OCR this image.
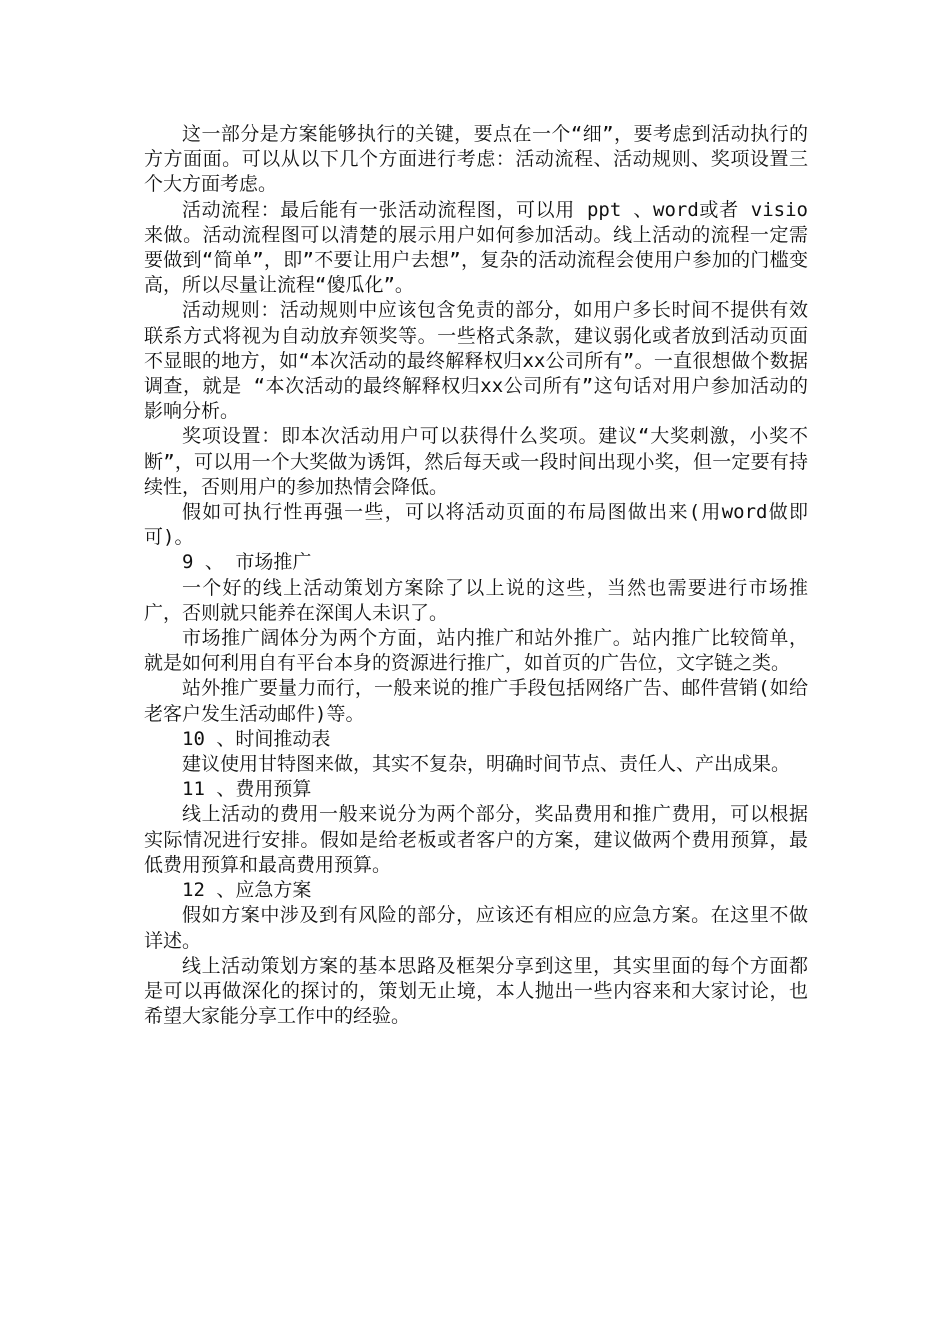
这一部分是方案能够执行的关键，要点在一个“细”，要考虑到活动执行的方方面面。可以从以下几个方面进行考虑：活动流程、活动规则、奖项设置三个大方面考虑。

活动流程：最后能有一张活动流程图，可以用 ppt 、word或者 visio 来做。活动流程图可以清楚的展示用户如何参加活动。线上活动的流程一定需要做到“简单”，即”不要让用户去想”，复杂的活动流程会使用户参加的门槛变高，所以尽量让流程“傻瓜化”。

活动规则：活动规则中应该包含免责的部分，如用户多长时间不提供有效联系方式将视为自动放弃领奖等。一些格式条款，建议弱化或者放到活动页面不显眼的地方，如“本次活动的最终解释权归xx公司所有”。一直很想做个数据调查，就是 “本次活动的最终解释权归xx公司所有”这句话对用户参加活动的影响分析。

奖项设置：即本次活动用户可以获得什么奖项。建议“大奖刺激，小奖不断”，可以用一个大奖做为诱饵，然后每天或一段时间出现小奖，但一定要有持续性，否则用户的参加热情会降低。

假如可执行性再强一些，可以将活动页面的布局图做出来(用word做即可)。

9 、 市场推广

一个好的线上活动策划方案除了以上说的这些，当然也需要进行市场推广，否则就只能养在深闺人未识了。

市场推广阔体分为两个方面，站内推广和站外推广。站内推广比较简单，就是如何利用自有平台本身的资源进行推广，如首页的广告位，文字链之类。

站外推广要量力而行，一般来说的推广手段包括网络广告、邮件营销(如给老客户发生活动邮件)等。

10 、时间推动表

建议使用甘特图来做，其实不复杂，明确时间节点、责任人、产出成果。

11 、费用预算

线上活动的费用一般来说分为两个部分，奖品费用和推广费用，可以根据实际情况进行安排。假如是给老板或者客户的方案，建议做两个费用预算，最低费用预算和最高费用预算。

12 、应急方案

假如方案中涉及到有风险的部分，应该还有相应的应急方案。在这里不做详述。

线上活动策划方案的基本思路及框架分享到这里，其实里面的每个方面都是可以再做深化的探讨的，策划无止境，本人抛出一些内容来和大家讨论，也希望大家能分享工作中的经验。
